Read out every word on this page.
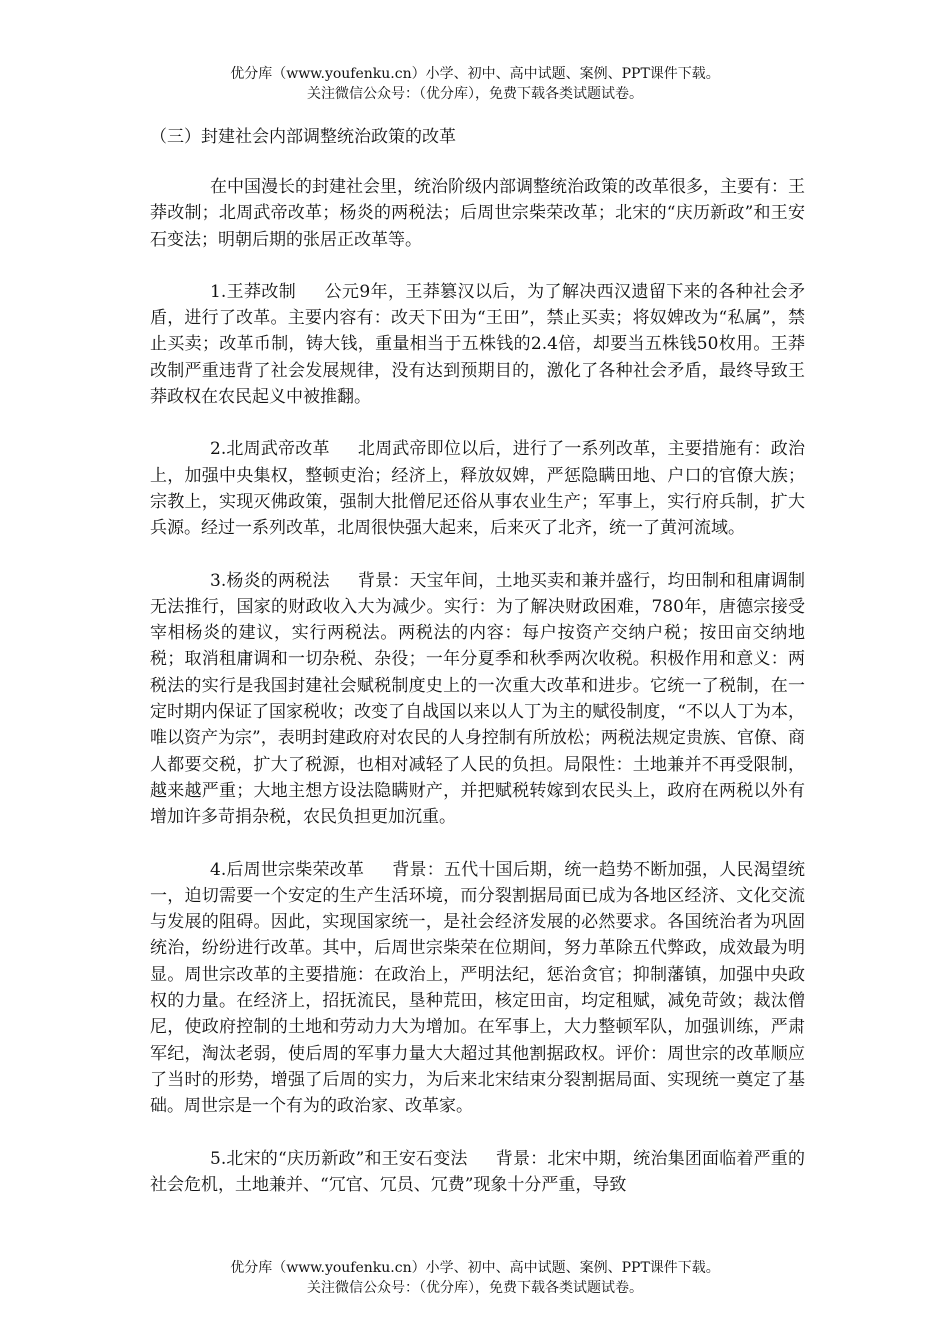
优分库（www.youfenku.cn）小学、初中、高中试题、案例、PPT课件下载。
关注微信公众号：（优分库），免费下载各类试题试卷。
（三）封建社会内部调整统治政策的改革

在中国漫长的封建社会里，统治阶级内部调整统治政策的改革很多，主要有：王莽改制；北周武帝改革；杨炎的两税法；后周世宗柴荣改革；北宋的“庆历新政”和王安石变法；明朝后期的张居正改革等。

1.王莽改制 公元9年，王莽篡汉以后，为了解决西汉遗留下来的各种社会矛盾，进行了改革。主要内容有：改天下田为“王田”，禁止买卖；将奴婢改为“私属”，禁止买卖；改革币制，铸大钱，重量相当于五株钱的2.4倍，却要当五株钱50枚用。王莽改制严重违背了社会发展规律，没有达到预期目的，激化了各种社会矛盾，最终导致王莽政权在农民起义中被推翻。

2.北周武帝改革 北周武帝即位以后，进行了一系列改革，主要措施有：政治上，加强中央集权，整顿吏治；经济上，释放奴婢，严惩隐瞒田地、户口的官僚大族；宗教上，实现灭佛政策，强制大批僧尼还俗从事农业生产；军事上，实行府兵制，扩大兵源。经过一系列改革，北周很快强大起来，后来灭了北齐，统一了黄河流域。

3.杨炎的两税法 背景：天宝年间，土地买卖和兼并盛行，均田制和租庸调制无法推行，国家的财政收入大为减少。实行：为了解决财政困难，780年，唐德宗接受宰相杨炎的建议，实行两税法。两税法的内容：每户按资产交纳户税；按田亩交纳地税；取消租庸调和一切杂税、杂役；一年分夏季和秋季两次收税。积极作用和意义：两税法的实行是我国封建社会赋税制度史上的一次重大改革和进步。它统一了税制，在一定时期内保证了国家税收；改变了自战国以来以人丁为主的赋役制度，“不以人丁为本，唯以资产为宗”，表明封建政府对农民的人身控制有所放松；两税法规定贵族、官僚、商人都要交税，扩大了税源，也相对减轻了人民的负担。局限性：土地兼并不再受限制，越来越严重；大地主想方设法隐瞒财产，并把赋税转嫁到农民头上，政府在两税以外有增加许多苛捐杂税，农民负担更加沉重。

4.后周世宗柴荣改革 背景：五代十国后期，统一趋势不断加强，人民渴望统一，迫切需要一个安定的生产生活环境，而分裂割据局面已成为各地区经济、文化交流与发展的阻碍。因此，实现国家统一，是社会经济发展的必然要求。各国统治者为巩固统治，纷纷进行改革。其中，后周世宗柴荣在位期间，努力革除五代弊政，成效最为明显。周世宗改革的主要措施：在政治上，严明法纪，惩治贪官；抑制藩镇，加强中央政权的力量。在经济上，招抚流民，垦种荒田，核定田亩，均定租赋，减免苛敛；裁汰僧尼，使政府控制的土地和劳动力大为增加。在军事上，大力整顿军队，加强训练，严肃军纪，淘汰老弱，使后周的军事力量大大超过其他割据政权。评价：周世宗的改革顺应了当时的形势，增强了后周的实力，为后来北宋结束分裂割据局面、实现统一奠定了基础。周世宗是一个有为的政治家、改革家。

5.北宋的“庆历新政”和王安石变法 背景：北宋中期，统治集团面临着严重的社会危机，土地兼并、“冗官、冗员、冗费”现象十分严重，导致

优分库（www.youfenku.cn）小学、初中、高中试题、案例、PPT课件下载。
关注微信公众号：（优分库），免费下载各类试题试卷。
